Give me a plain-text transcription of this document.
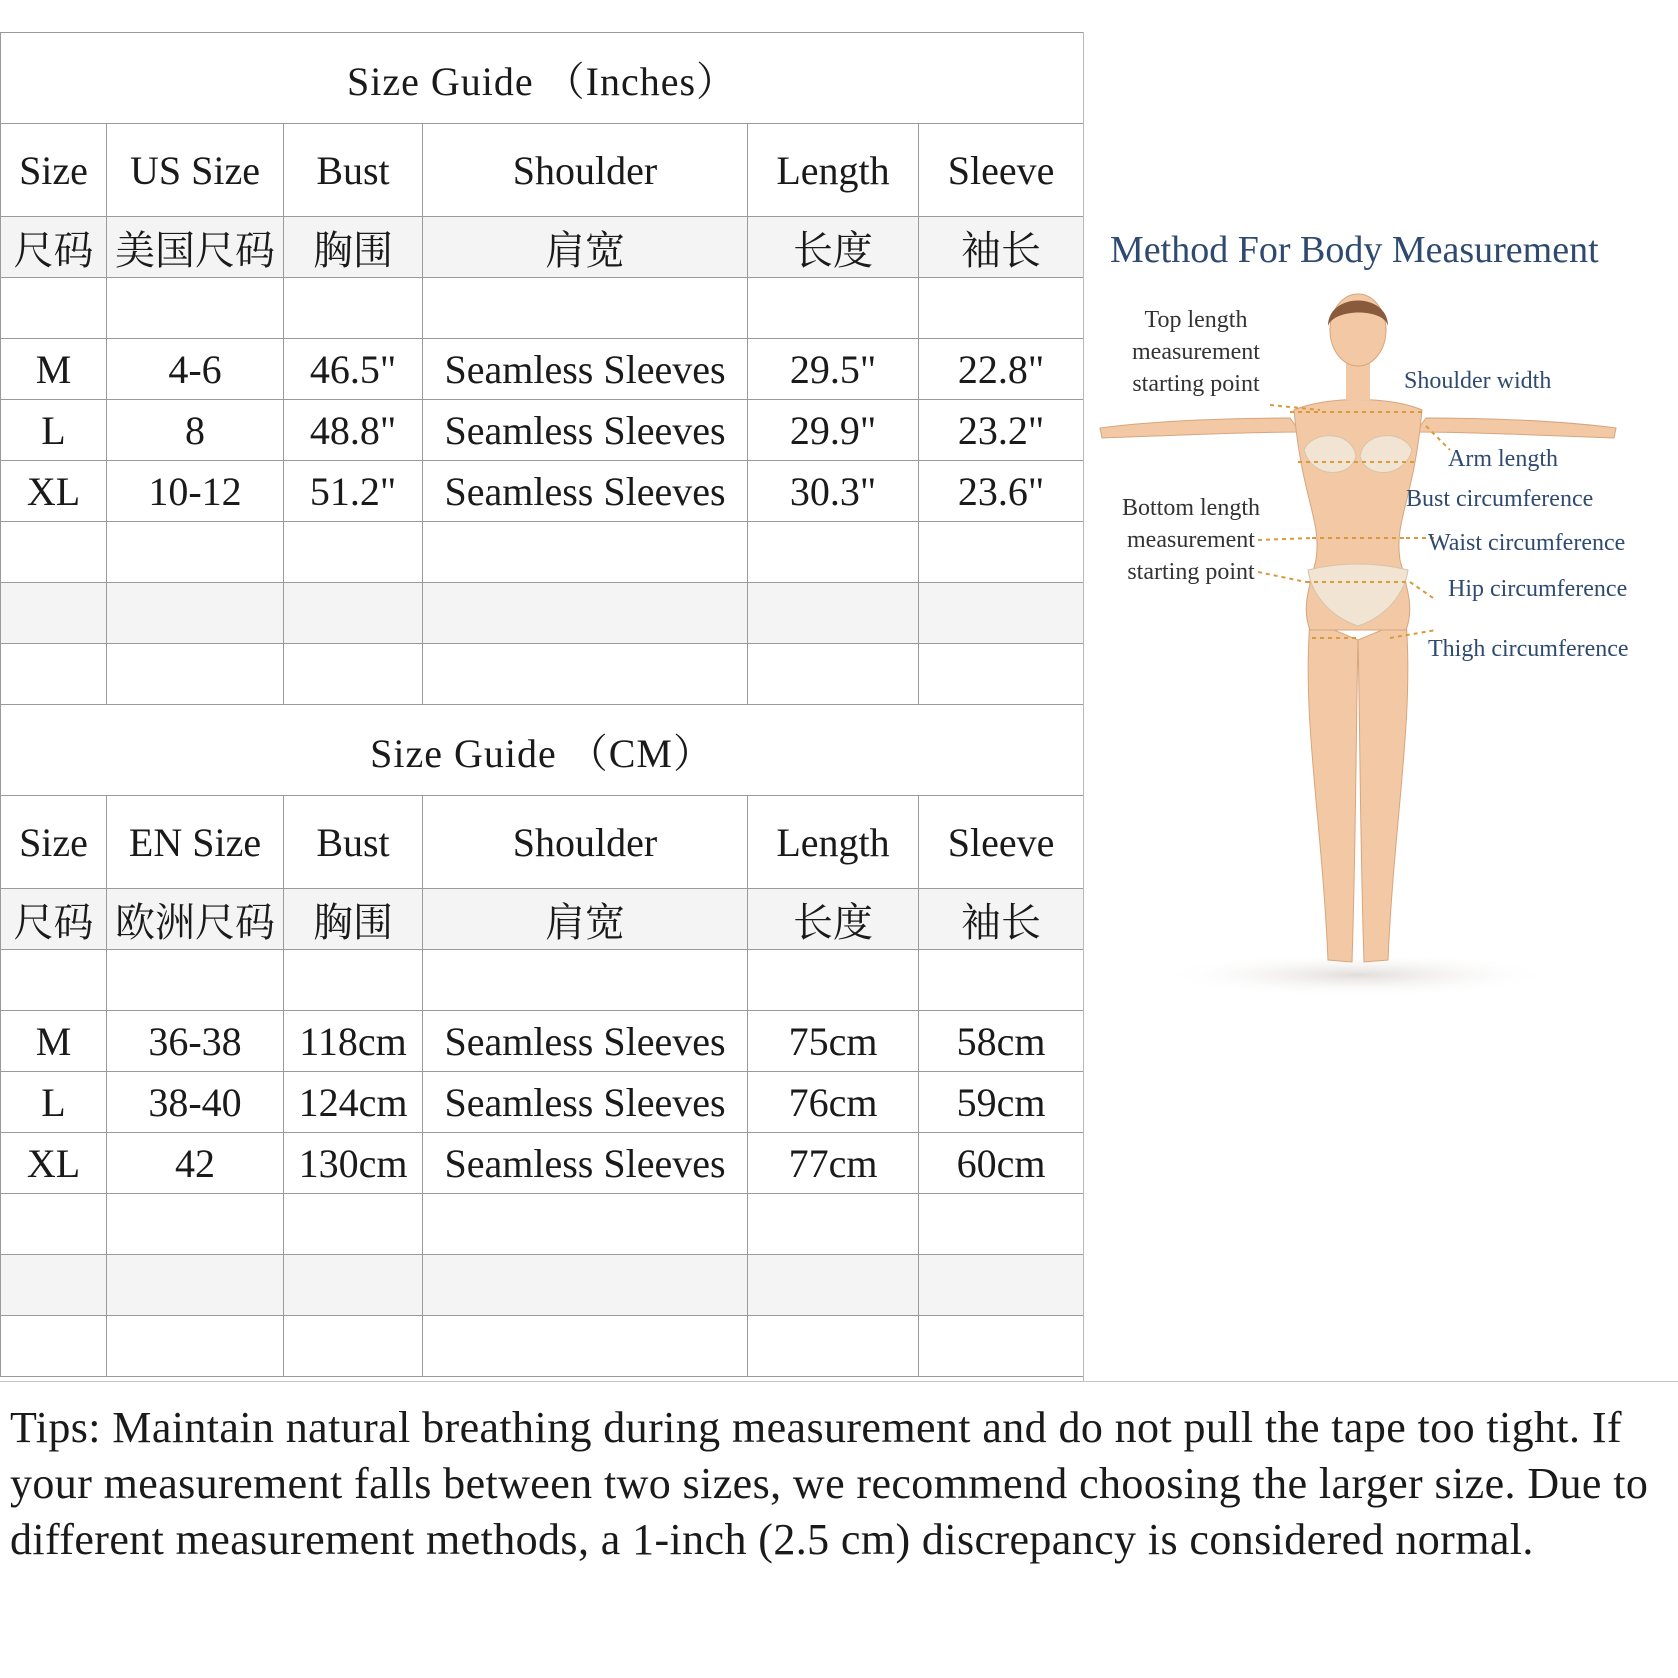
Size Guide （Inches）					
Size	US Size	Bust	Shoulder	Length	Sleeve
尺码	美国尺码	胸围	肩宽	长度	袖长

M	4-6	46.5"	Seamless Sleeves	29.5"	22.8"
L	8	48.8"	Seamless Sleeves	29.9"	23.2"
XL	10-12	51.2"	Seamless Sleeves	30.3"	23.6"

Size Guide （CM）					
Size	EN Size	Bust	Shoulder	Length	Sleeve
尺码	欧洲尺码	胸围	肩宽	长度	袖长

M	36-38	118cm	Seamless Sleeves	75cm	58cm
L	38-40	124cm	Seamless Sleeves	76cm	59cm
XL	42	130cm	Seamless Sleeves	77cm	60cm

Method For Body Measurement
Top length
measurement
starting point
Bottom length
measurement
starting point
Shoulder width
Arm length
Bust circumference
Waist circumference
Hip circumference
Thigh circumference
Tips: Maintain natural breathing during measurement and do not pull the tape too tight. If your measurement falls between two sizes, we recommend choosing the larger size. Due to different measurement methods, a 1-inch (2.5 cm) discrepancy is considered normal.
